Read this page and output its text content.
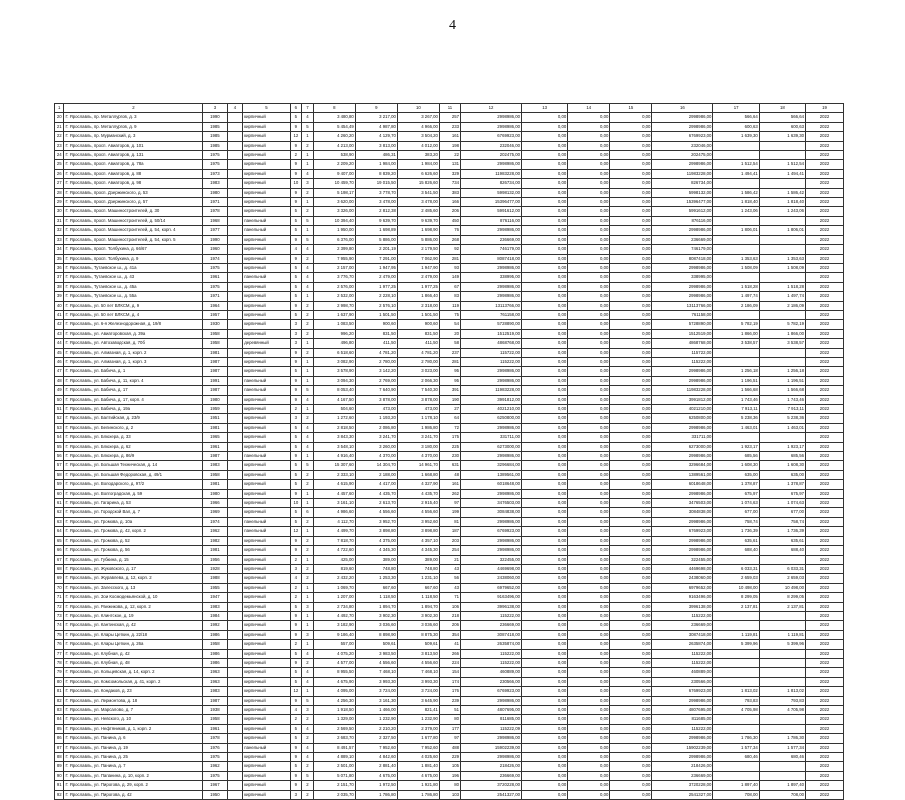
4
1	2	3	4	5	6	7	8	9	10	11	12	13	14	15	16	17	18	19
20	Г. Ярославль, пр. Металлургов, д. 3	1990		кирпичный	5	4	3 480,80	3 217,00	3 267,00	257	2998986,00	0,00	0,00	0,00	2998986,00	566,64	566,64	2022
21	Г. Ярославль, пр. Металлургов, д. 9	1985		кирпичный	9	5	5 454,49	4 987,80	4 966,00	233	2998986,00	0,00	0,00	0,00	2998986,00	600,63	600,63	2022
22	Г. Ярославль, пр. Мурманский, д. 3	1985		кирпичный	12	1	4 260,20	4 129,70	3 504,20	161	6769923,00	0,00	0,00	0,00	6769923,00	1 639,30	1 639,30	2022
23	Г. Ярославль, просп. Авиаторов, д. 101	1985		кирпичный	9	2	4 213,00	3 813,00	4 012,00	198	232046,00	0,00	0,00	0,00	232046,00			2022
24	Г. Ярославль, просп. Авиаторов, д. 131	1975		кирпичный	2	1	538,90	486,31	383,20	22	202475,00	0,00	0,00	0,00	202475,00			2022
25	Г. Ярославль, просп. Авиаторов, д. 78а	1975		кирпичный	9	1	2 209,20	1 984,00	1 984,00	131	2998986,00	0,00	0,00	0,00	2998986,00	1 512,54	1 512,54	2022
26	Г. Ярославль, просп. Авиаторов, д. 88	1973		кирпичный	9	4	9 407,00	8 839,20	6 626,60	329	11983228,00	0,00	0,00	0,00	11983228,00	1 494,41	1 494,41	2022
27	Г. Ярославль, просп. Авиаторов, д. 98	1983		кирпичный	10	3	10 459,70	19 015,50	15 826,60	734	826734,00	0,00	0,00	0,00	826734,00			2022
28	Г. Ярославль, просп. Дзержинского, д. 53	1980		кирпичный	9	2	5 198,17	3 778,70	3 541,50	383	5998132,00	0,00	0,00	0,00	5998132,00	1 586,42	1 586,42	2022
29	Г. Ярославль, просп. Дзержинского, д. 57	1971		кирпичный	9	1	3 620,00	3 478,00	3 478,00	166	15396477,00	0,00	0,00	0,00	15396477,00	1 818,40	1 818,40	2022
30	Г. Ярославль, просп. Машиностроителей, д. 30	1978		кирпичный	5	2	3 326,00	2 812,38	2 485,60	206	5991612,00	0,00	0,00	0,00	5991612,00	1 243,06	1 243,06	2022
31	Г. Ярославль, просп. Машиностроителей, д. 50/14	1968		панельный	5	5	10 394,40	9 639,70	9 639,70	450	876116,00	0,00	0,00	0,00	876116,00			2022
32	Г. Ярославль, просп. Машиностроителей, д. 54, корп. 4	1977		панельный	5	1	1 950,00	1 698,89	1 698,90	76	2998986,00	0,00	0,00	0,00	2998986,00	1 806,01	1 806,01	2022
33	Г. Ярославль, просп. Машиностроителей, д. 54, корп. 5	1990		кирпичный	9	5	6 376,00	5 886,00	5 886,00	268	236669,00	0,00	0,00	0,00	236669,00			2022
34	Г. Ярославль, просп. Толбухина, д. 66/67	1960		кирпичный	4	4	2 399,80	2 201,19	2 179,50	92	746179,00	0,00	0,00	0,00	746179,00			2022
35	Г. Ярославль, просп. Толбухина, д. 9	1974		кирпичный	9	2	7 955,90	7 291,00	7 062,90	281	8087418,00	0,00	0,00	0,00	8087418,00	1 353,63	1 353,63	2022
36	Г. Ярославль, Тутаевское ш., д. 41а	1975		кирпичный	5	4	2 157,00	1 947,95	1 947,90	93	2998986,00	0,00	0,00	0,00	2998986,00	1 508,09	1 508,09	2022
37	Г. Ярославль, Тутаевское ш., д. 43	1961		панельный	5	4	3 776,70	2 479,00	2 479,00	149	338995,00	0,00	0,00	0,00	338995,00			2022
38	Г. Ярославль, Тутаевское ш., д. 45а	1975		кирпичный	5	4	2 576,00	1 977,25	1 977,25	67	2998986,00	0,00	0,00	0,00	2998986,00	1 518,28	1 518,28	2022
39	Г. Ярославль, Тутаевское ш., д. 55а	1971		кирпичный	5	1	2 532,00	2 228,10	1 866,40	83	2998986,00	0,00	0,00	0,00	2998986,00	1 497,74	1 497,74	2022
40	Г. Ярославль, ул. 50 лет ВЛКСМ, д. 9	1964		кирпичный	9	2	2 998,70	2 576,10	2 318,00	119	13113766,00	0,00	0,00	0,00	13113766,00	2 186,09	2 186,09	2022
41	Г. Ярославль, ул. 50 лет ВЛКСМ, д. 4	1957		кирпичный	5	2	1 637,90	1 501,50	1 501,50	75	761158,00	0,00	0,00	0,00	761158,00			2022
42	Г. Ярославль, ул. 6-я Железнодорожная, д. 19/8	1930		кирпичный	3	2	1 083,50	900,60	900,60	54	5728890,00	0,00	0,00	0,00	5728890,00	5 782,19	5 782,19	2022
43	Г. Ярославль, ул. Авиаторовская, д. 39а	1958		кирпичный	3	2	996,20	831,50	831,50	20	1512519,00	0,00	0,00	0,00	1512519,00	1 866,00	1 866,00	2022
44	Г. Ярославль, ул. Автозаводская, д. 70б	1958		деревянный	3	1	496,80	411,50	411,50	58	4868768,00	0,00	0,00	0,00	4868768,00	3 538,57	3 538,57	2022
45	Г. Ярославль, ул. Алмазная, д. 1, корп. 2	1981		кирпичный	9	2	6 518,60	4 781,20	4 781,20	237	115722,00	0,00	0,00	0,00	115722,00			2022
46	Г. Ярославль, ул. Алмазная, д. 1, корп. 3	1987		кирпичный	9	1	3 082,90	2 780,00	2 780,00	281	115222,00	0,00	0,00	0,00	115222,00			2022
47	Г. Ярославль, ул. Бабича, д. 1	1987		кирпичный	5	1	3 578,90	3 142,20	3 023,00	95	2998986,00	0,00	0,00	0,00	2998986,00	1 256,18	1 256,18	2022
48	Г. Ярославль, ул. Бабича, д. 11, корп. 4	1991		панельный	9	1	3 094,30	2 769,00	2 066,30	95	2998986,00	0,00	0,00	0,00	2998986,00	1 196,51	1 196,51	2022
49	Г. Ярославль, ул. Бабича, д. 17	1987		панельный	9	5	8 053,40	7 640,90	7 540,30	391	11983228,00	0,00	0,00	0,00	11983228,00	1 566,68	1 566,68	2022
50	Г. Ярославль, ул. Бабича, д. 17, корп. 4	1980		кирпичный	9	4	4 167,50	3 878,00	3 878,00	190	3991812,00	0,00	0,00	0,00	3991812,00	1 743,46	1 743,46	2022
51	Г. Ярославль, ул. Бабича, д. 19а	1959		кирпичный	2	1	504,60	473,00	473,00	27	4021210,00	0,00	0,00	0,00	4021210,00	7 913,11	7 913,11	2022
52	Г. Ярославль, ул. Балтийская, д. 23/9	1951		кирпичный	3	2	1 272,60	1 193,20	1 178,10	64	6250800,00	0,00	0,00	0,00	6250800,00	5 238,36	5 238,36	2022
53	Г. Ярославль, ул. Белинского, д. 2	1981		кирпичный	5	4	2 818,50	2 086,80	1 986,80	72	2998986,00	0,00	0,00	0,00	2998986,00	1 463,01	1 463,01	2022
54	Г. Ярославль, ул. Блюхера, д. 33	1965		кирпичный	5	4	3 843,30	3 241,70	3 241,70	175	331711,00	0,00	0,00	0,00	331711,00			2022
55	Г. Ярославль, ул. Блюхера, д. 62	1961		кирпичный	5	4	3 548,10	3 260,00	3 180,00	225	6273000,00	0,00	0,00	0,00	6273000,00	1 923,17	1 923,17	2022
56	Г. Ярославль, ул. Блюхера, д. 86/9	1987		панельный	9	1	4 916,40	4 370,00	4 370,00	230	2998986,00	0,00	0,00	0,00	2998986,00	685,56	685,56	2022
57	Г. Ярославль, ул. Большая Техническая, д. 14	1983		кирпичный	5	5	15 307,60	14 304,70	14 961,70	631	3296684,00	0,00	0,00	0,00	3296684,00	1 608,30	1 608,30	2022
58	Г. Ярославль, ул. Большая Федоровская, д. 49/1	1958		кирпичный	5	2	2 333,10	2 188,00	1 668,80	48	1389561,00	0,00	0,00	0,00	1389561,00	635,00	635,00	2022
59	Г. Ярославль, ул. Володарского, д. 97/2	1981		кирпичный	5	2	4 615,90	4 417,00	4 327,90	161	6018648,00	0,00	0,00	0,00	6018648,00	1 378,87	1 378,87	2022
60	Г. Ярославль, ул. Волгоградская, д. 59	1980		кирпичный	9	1	4 457,60	4 435,70	4 435,70	262	2998986,00	0,00	0,00	0,00	2998986,00	675,97	675,97	2022
61	Г. Ярославль, ул. Гагарина, д. 53	1966		кирпичный	10	1	3 161,10	2 613,70	2 915,40	97	3476503,00	0,00	0,00	0,00	3476503,00	1 074,63	1 074,63	2022
62	Г. Ярославль, ул. Городской Вал, д. 7	1969		кирпичный	5	6	4 986,60	4 556,60	4 556,60	199	3084838,00	0,00	0,00	0,00	3084838,00	677,00	677,00	2022
63	Г. Ярославль, ул. Громова, д. 10а	1974		панельный	5	2	4 112,70	3 952,70	3 952,60	81	2998986,00	0,00	0,00	0,00	2998986,00	758,74	758,74	2022
64	Г. Ярославль, ул. Громова, д. 42, корп. 2	1962		панельный	12	1	4 499,70	3 898,80	3 898,80	187	6769923,00	0,00	0,00	0,00	6769923,00	1 736,39	1 736,39	2022
65	Г. Ярославль, ул. Громова, д. 52	1982		кирпичный	9	2	7 818,70	4 375,00	4 357,10	203	2998986,00	0,00	0,00	0,00	2998986,00	635,61	635,61	2022
66	Г. Ярославль, ул. Громова, д. 56	1981		кирпичный	9	2	4 722,60	4 345,30	4 345,30	254	2998986,00	0,00	0,00	0,00	2998986,00	688,40	688,40	2022
67	Г. Ярославль, ул. Губкина, д. 15	1956		кирпичный	2	1	425,00	389,00	389,00	21	322455,00	0,00	0,00	0,00	322455,00			2022
68	Г. Ярославль, ул. Жуковского, д. 17	1928		кирпичный	3	2	819,60	748,80	748,80	43	4469698,00	0,00	0,00	0,00	4469698,00	6 033,31	6 033,31	2022
69	Г. Ярославль, ул. Журавлева, д. 12, корп. 2	1988		кирпичный	4	2	2 432,20	1 253,30	1 231,10	56	2438060,00	0,00	0,00	0,00	2438060,00	2 659,03	2 659,03	2022
70	Г. Ярославль, ул. Залесского, д. 13	1955		кирпичный	2	1	1 069,70	667,60	667,60	43	6979652,00	0,00	0,00	0,00	6979652,00	10 498,00	10 498,00	2022
71	Г. Ярославль, ул. Зои Космодемьянской, д. 10	1947		кирпичный	2	1	1 207,00	1 118,50	1 118,50	71	9163496,00	0,00	0,00	0,00	9163496,00	8 299,05	8 299,05	2022
72	Г. Ярославль, ул. Ранжикова, д. 12, корп. 2	1983		кирпичный	5	3	2 734,80	1 894,70	1 894,70	106	3996138,00	0,00	0,00	0,00	3996138,00	2 137,81	2 137,81	2022
73	Г. Ярославль, ул. Клинтское, д. 19	1984		кирпичный	9	1	4 492,70	3 902,30	3 902,30	218	115222,00	0,00	0,00	0,00	115222,00			2022
74	Г. Ярославль, ул. Кантинская, д. 42	1992		кирпичный	9	1	3 182,90	3 036,60	3 036,60	206	236669,00	0,00	0,00	0,00	236669,00			2022
75	Г. Ярославль, ул. Клары Цеткин, д. 22/18	1986		кирпичный	9	3	9 186,40	8 898,90	8 875,30	354	3087418,00	0,00	0,00	0,00	3087418,00	1 119,81	1 119,81	2022
76	Г. Ярославль, ул. Клары Цеткин, д. 26а	1958		кирпичный	2	1	557,00	509,61	509,61	41	2635874,00	0,00	0,00	0,00	2635874,00	5 399,96	5 399,96	2022
77	Г. Ярославль, ул. Клубная, д. 42	1986		кирпичный	5	4	4 075,20	3 983,50	3 813,50	266	115222,00	0,00	0,00	0,00	115222,00			2022
78	Г. Ярославль, ул. Клубная, д. 48	1986		кирпичный	9	2	4 577,00	4 556,60	4 556,60	224	115222,00	0,00	0,00	0,00	115222,00			2022
79	Г. Ярославль, ул. Кольцевская, д. 14, корп. 2	1963		кирпичный	5	4	8 955,50	7 468,10	7 468,10	154	460889,00	0,00	0,00	0,00	460889,00			2022
80	Г. Ярославль, ул. Комсомольская, д. 41, корп. 2	1963		кирпичный	5	4	4 675,90	3 993,30	3 993,30	174	230566,00	0,00	0,00	0,00	230566,00			2022
81	Г. Ярославль, ул. Кондаков, д. 23	1983		кирпичный	12	1	4 095,00	3 724,00	3 724,00	176	6769923,00	0,00	0,00	0,00	6769923,00	1 813,02	1 813,02	2022
82	Г. Ярославль, ул. Лермонтова, д. 18	1987		кирпичный	9	5	4 256,30	3 161,30	3 645,90	239	2998986,00	0,00	0,00	0,00	2998986,00	793,83	793,83	2022
83	Г. Ярославль, ул. Марсалово, д. 7	1938		кирпичный	4	3	1 918,50	1 466,00	821,41	51	4807695,00	0,00	0,00	0,00	4807695,00	4 705,98	4 705,98	2022
84	Г. Ярославль, ул. Невского, д. 10	1958		кирпичный	2	2	1 329,00	1 232,90	1 232,90	80	811685,00	0,00	0,00	0,00	811685,00			2022
85	Г. Ярославль, ул. Нефтяников, д. 1, корп. 2	1961		кирпичный	5	4	2 569,50	2 210,20	2 379,00	177	115222,09	0,00	0,00	0,00	115222,00			2022
86	Г. Ярославль, ул. Панина, д. 6	1978		кирпичный	5	2	2 683,70	2 327,50	1 677,80	97	2998986,00	0,00	0,00	0,00	2998986,00	1 786,30	1 786,30	2022
87	Г. Ярославль, ул. Панина, д. 19	1976		панельный	9	4	8 491,57	7 952,60	7 952,60	488	15902239,00	0,00	0,00	0,00	15902239,00	1 577,34	1 577,34	2022
88	Г. Ярославль, ул. Панина, д. 25	1975		кирпичный	9	4	4 889,10	4 842,60	4 025,60	229	2998986,00	0,00	0,00	0,00	2998986,00	680,46	680,46	2022
89	Г. Ярославль, ул. Панина, д. 7	1962		кирпичный	5	2	2 501,00	2 881,40	1 881,40	105	218426,00	0,00	0,00	0,00	218426,00			2022
90	Г. Ярославль, ул. Папанина, д. 10, корп. 2	1975		кирпичный	9	5	5 071,80	4 675,00	4 675,00	196	236669,00	0,00	0,00	0,00	236669,00			2022
91	Г. Ярославль, ул. Пирогова, д. 29, корп. 2	1967		кирпичный	9	2	2 151,70	1 972,50	1 921,80	80	3720228,00	0,00	0,00	0,00	3720228,00	1 897,40	1 897,40	2022
92	Г. Ярославль, ул. Пирогова, д. 42	1950		кирпичный	3	2	2 035,70	1 786,80	1 786,80	103	2541327,00	0,00	0,00	0,00	2541327,00	708,00	708,00	2022
